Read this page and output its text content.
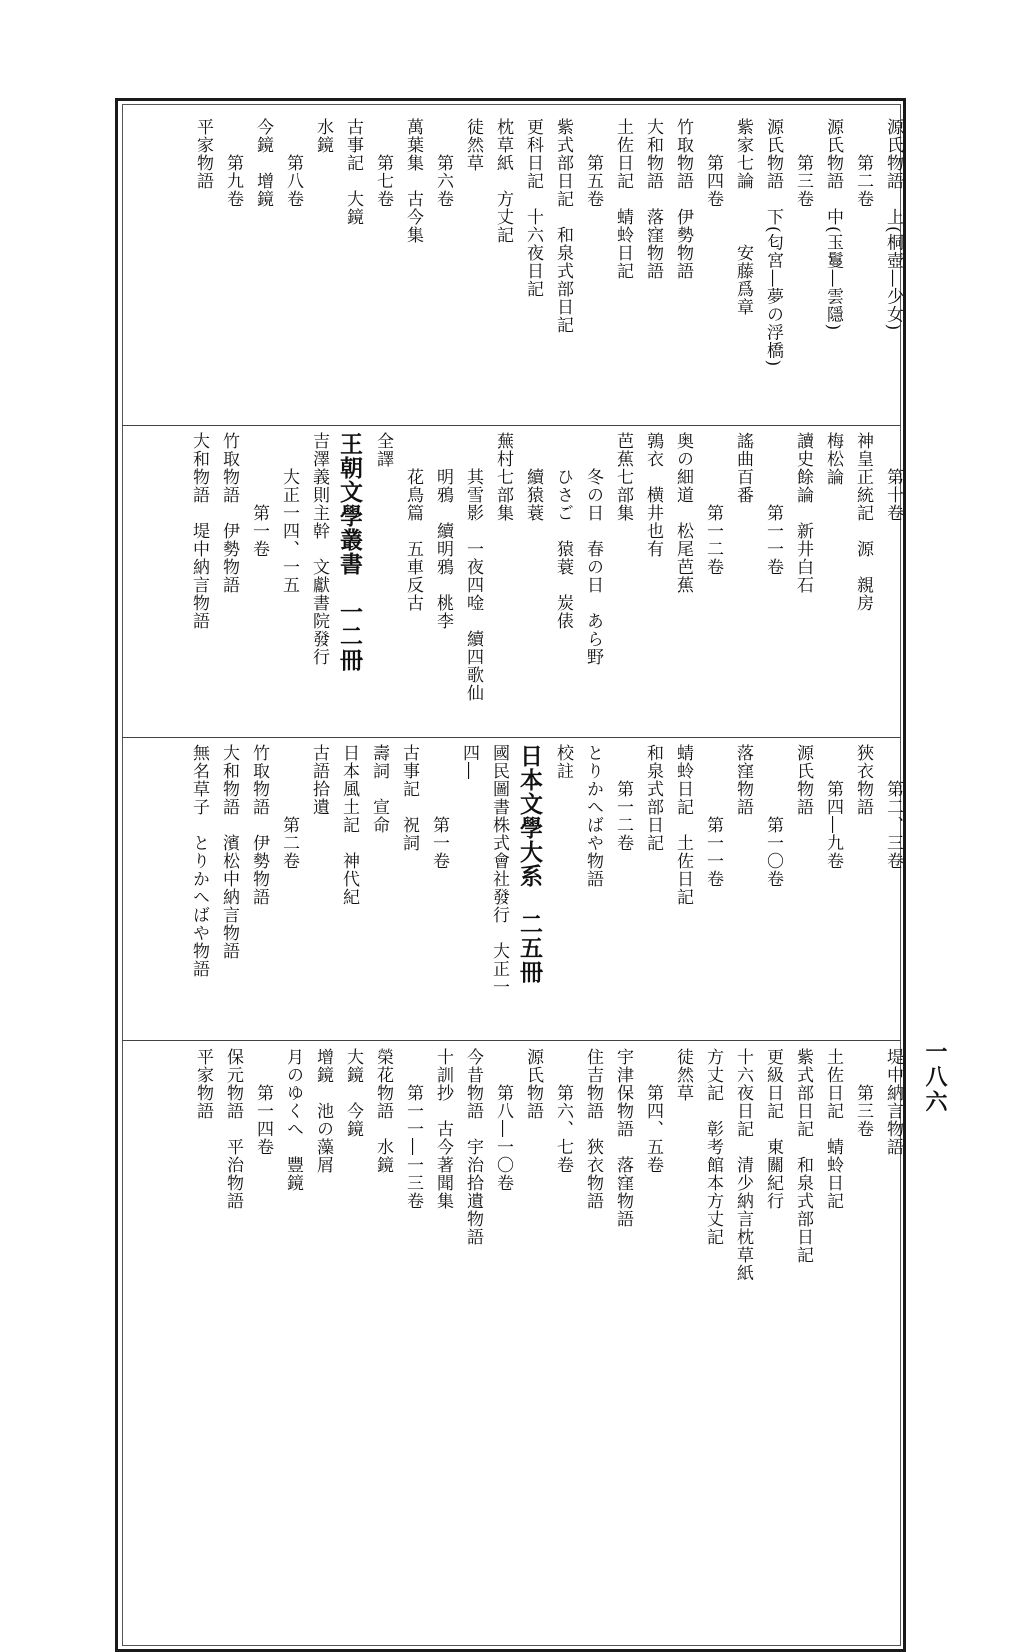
源氏物語　上(桐壺―少女)
第二卷
源氏物語　中(玉鬘―雲隱)
第三卷
源氏物語　下(匂宮―夢の浮橋)
紫家七論　　　安藤爲章
第四卷
竹取物語　伊勢物語
大和物語　落窪物語
土佐日記　蜻蛉日記
第五卷
紫式部日記　和泉式部日記
更科日記　十六夜日記
枕草紙　方丈記
徒然草
第六卷
萬葉集　古今集
第七卷
古事記　大鏡
水鏡
第八卷
今鏡　增鏡
第九卷
平家物語
第十卷
神皇正統記　源　親房
梅松論
讀史餘論　新井白石
第一一卷
謠曲百番
第一二卷
奥の細道　松尾芭蕉
鶉衣　横井也有
芭蕉七部集
冬の日　春の日　あら野
ひさご　猿蓑　炭俵
續猿蓑
蕪村七部集
其雪影　一夜四唫　續四歌仙
明鴉　續明鴉　桃李
花鳥篇　五車反古
全譯
王朝文學叢書　一二冊
吉澤義則主幹　文獻書院發行
大正一四、一五
第一卷
竹取物語　伊勢物語
大和物語　堤中納言物語
第二、三卷
狹衣物語
第四―九卷
源氏物語
第一〇卷
落窪物語
第一一卷
蜻蛉日記　土佐日記
和泉式部日記
第一二卷
とりかへばや物語
校註
日本文學大系　二五冊
國民圖書株式會社發行　大正一
四―
第一卷
古事記　祝詞
壽詞　宣命
日本風土記　神代紀
古語拾遺
第二卷
竹取物語　伊勢物語
大和物語　濱松中納言物語
無名草子　とりかへばや物語
堤中納言物語
第三卷
土佐日記　蜻蛉日記
紫式部日記　和泉式部日記
更級日記　東關紀行
十六夜日記　清少納言枕草紙
方丈記　彰考館本方丈記
徒然草
第四、五卷
宇津保物語　落窪物語
住吉物語　狹衣物語
第六、七卷
源氏物語
第八―一〇卷
今昔物語　宇治拾遺物語
十訓抄　古今著聞集
第一一―一三卷
榮花物語　水鏡
大鏡　今鏡
增鏡　池の藻屑
月のゆくへ　豐鏡
第一四卷
保元物語　平治物語
平家物語	一八六
